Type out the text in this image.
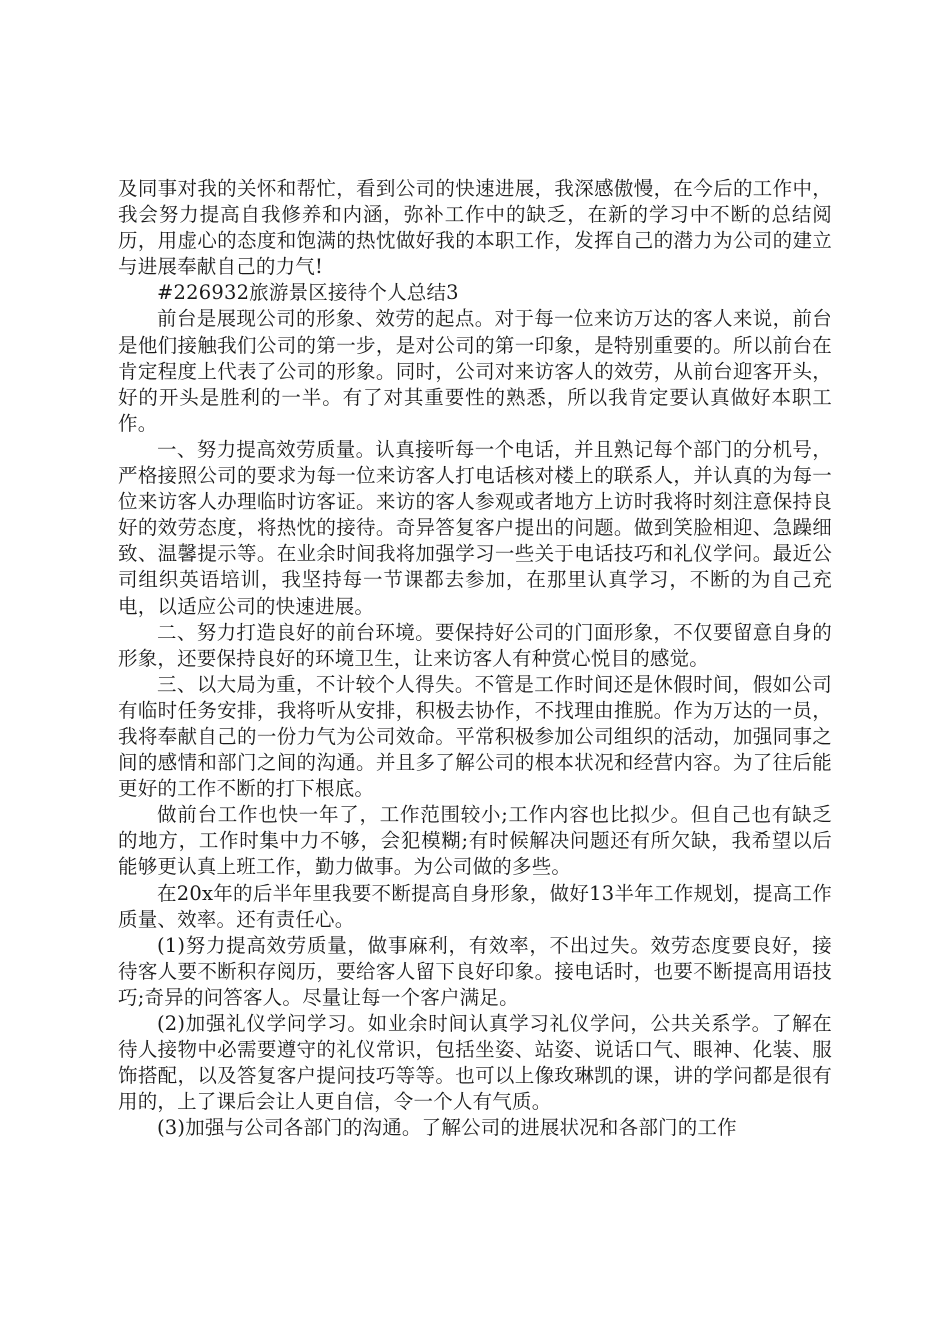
及同事对我的关怀和帮忙，看到公司的快速进展，我深感傲慢，在今后的工作中，我会努力提高自我修养和内涵，弥补工作中的缺乏，在新的学习中不断的总结阅历，用虚心的态度和饱满的热忱做好我的本职工作，发挥自己的潜力为公司的建立与进展奉献自己的力气!

#226932旅游景区接待个人总结3

前台是展现公司的形象、效劳的起点。对于每一位来访万达的客人来说，前台是他们接触我们公司的第一步，是对公司的第一印象，是特别重要的。所以前台在肯定程度上代表了公司的形象。同时，公司对来访客人的效劳，从前台迎客开头，好的开头是胜利的一半。有了对其重要性的熟悉，所以我肯定要认真做好本职工作。

一、努力提高效劳质量。认真接听每一个电话，并且熟记每个部门的分机号，严格接照公司的要求为每一位来访客人打电话核对楼上的联系人，并认真的为每一位来访客人办理临时访客证。来访的客人参观或者地方上访时我将时刻注意保持良好的效劳态度，将热忱的接待。奇异答复客户提出的问题。做到笑脸相迎、急躁细致、温馨提示等。在业余时间我将加强学习一些关于电话技巧和礼仪学问。最近公司组织英语培训，我坚持每一节课都去参加，在那里认真学习，不断的为自己充电，以适应公司的快速进展。

二、努力打造良好的前台环境。要保持好公司的门面形象，不仅要留意自身的形象，还要保持良好的环境卫生，让来访客人有种赏心悦目的感觉。

三、以大局为重，不计较个人得失。不管是工作时间还是休假时间，假如公司有临时任务安排，我将听从安排，积极去协作，不找理由推脱。作为万达的一员，我将奉献自己的一份力气为公司效命。平常积极参加公司组织的活动，加强同事之间的感情和部门之间的沟通。并且多了解公司的根本状况和经营内容。为了往后能更好的工作不断的打下根底。

做前台工作也快一年了，工作范围较小;工作内容也比拟少。但自己也有缺乏的地方，工作时集中力不够，会犯模糊;有时候解决问题还有所欠缺，我希望以后能够更认真上班工作，勤力做事。为公司做的多些。

在20x年的后半年里我要不断提高自身形象，做好13半年工作规划，提高工作质量、效率。还有责任心。

(1)努力提高效劳质量，做事麻利，有效率，不出过失。效劳态度要良好，接待客人要不断积存阅历，要给客人留下良好印象。接电话时，也要不断提高用语技巧;奇异的问答客人。尽量让每一个客户满足。

(2)加强礼仪学问学习。如业余时间认真学习礼仪学问，公共关系学。了解在待人接物中必需要遵守的礼仪常识，包括坐姿、站姿、说话口气、眼神、化装、服饰搭配，以及答复客户提问技巧等等。也可以上像玫琳凯的课，讲的学问都是很有用的，上了课后会让人更自信，令一个人有气质。

(3)加强与公司各部门的沟通。了解公司的进展状况和各部门的工作
